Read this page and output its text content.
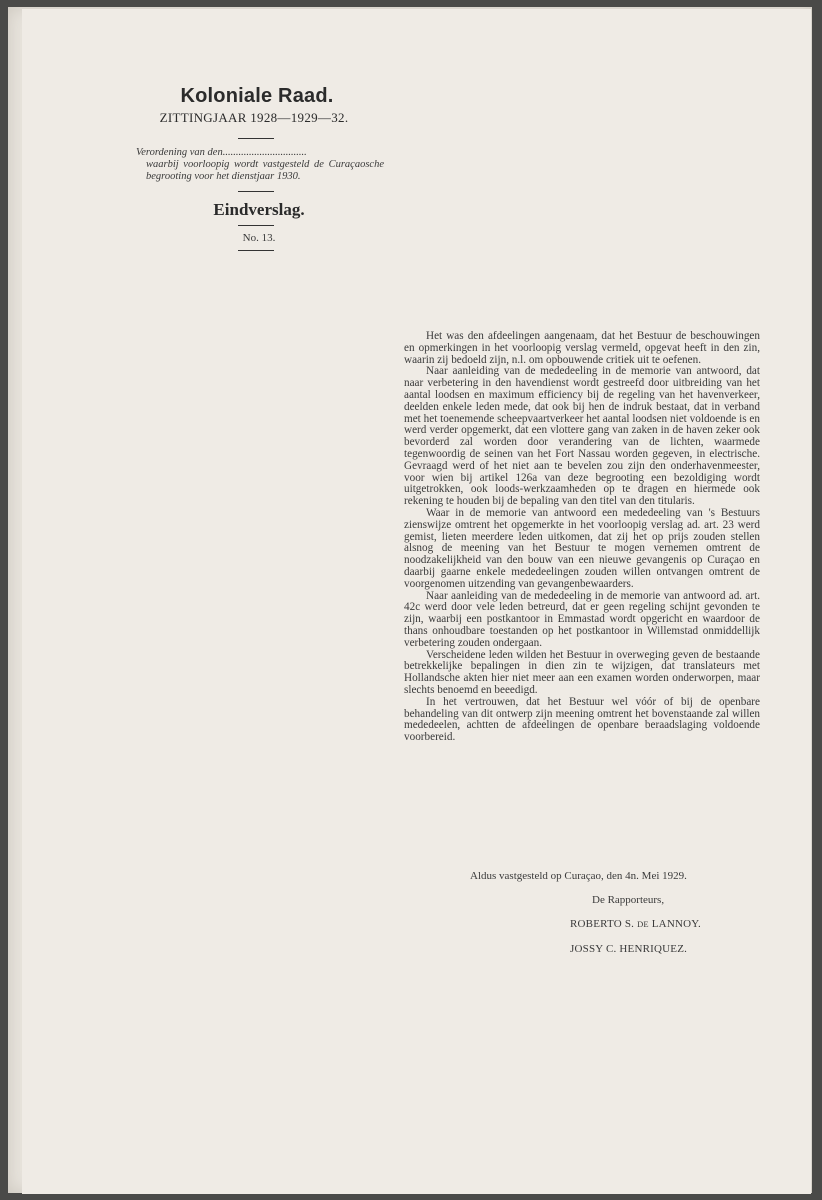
Koloniale Raad.
ZITTINGJAAR 1928—1929—32.
Verordening van den................................
waarbij voorloopig wordt vastgesteld de Curaçaosche begrooting voor het dienstjaar 1930.
Eindverslag.
No. 13.

Het was den afdeelingen aangenaam, dat het Bestuur de beschouwingen en opmerkingen in het voorloopig verslag vermeld, opgevat heeft in den zin, waarin zij bedoeld zijn, n.l. om opbouwende critiek uit te oefenen.

Naar aanleiding van de mededeeling in de memorie van antwoord, dat naar verbetering in den havendienst wordt gestreefd door uitbreiding van het aantal loodsen en maximum efficiency bij de regeling van het havenverkeer, deelden enkele leden mede, dat ook bij hen de indruk bestaat, dat in verband met het toenemende scheepvaartverkeer het aantal loodsen niet voldoende is en werd verder opgemerkt, dat een vlottere gang van zaken in de haven zeker ook bevorderd zal worden door verandering van de lichten, waarmede tegenwoordig de seinen van het Fort Nassau worden gegeven, in electrische. Gevraagd werd of het niet aan te bevelen zou zijn den onderhavenmeester, voor wien bij artikel 126a van deze begrooting een bezoldiging wordt uitgetrokken, ook loods-werkzaamheden op te dragen en hiermede ook rekening te houden bij de bepaling van den titel van den titularis.

Waar in de memorie van antwoord een mededeeling van 's Bestuurs zienswijze omtrent het opgemerkte in het voorloopig verslag ad. art. 23 werd gemist, lieten meerdere leden uitkomen, dat zij het op prijs zouden stellen alsnog de meening van het Bestuur te mogen vernemen omtrent de noodzakelijkheid van den bouw van een nieuwe gevangenis op Curaçao en daarbij gaarne enkele mededeelingen zouden willen ontvangen omtrent de voorgenomen uitzending van gevangenbewaarders.

Naar aanleiding van de mededeeling in de memorie van antwoord ad. art. 42c werd door vele leden betreurd, dat er geen regeling schijnt gevonden te zijn, waarbij een postkantoor in Emmastad wordt opgericht en waardoor de thans onhoudbare toestanden op het postkantoor in Willemstad onmiddellijk verbetering zouden ondergaan.

Verscheidene leden wilden het Bestuur in overweging geven de bestaande betrekkelijke bepalingen in dien zin te wijzigen, dat translateurs met Hollandsche akten hier niet meer aan een examen worden onderworpen, maar slechts benoemd en beeedigd.

In het vertrouwen, dat het Bestuur wel vóór of bij de openbare behandeling van dit ontwerp zijn meening omtrent het bovenstaande zal willen mededeelen, achtten de afdeelingen de openbare beraadslaging voldoende voorbereid.

Aldus vastgesteld op Curaçao, den 4n. Mei 1929.
De Rapporteurs,
ROBERTO S. DE LANNOY.
JOSSY C. HENRIQUEZ.
